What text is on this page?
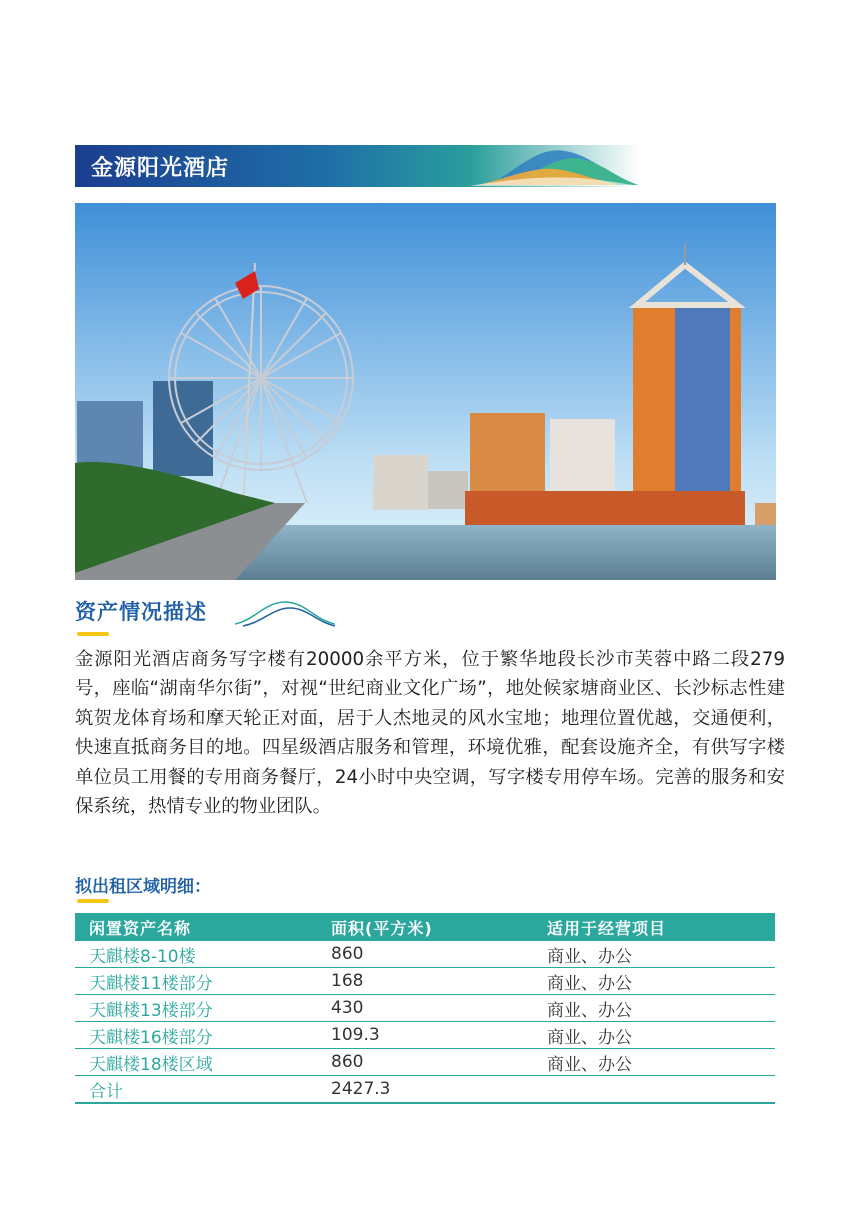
金源阳光酒店
资产情况描述
金源阳光酒店商务写字楼有20000余平方米，位于繁华地段长沙市芙蓉中路二段279号，座临“湖南华尔街”，对视“世纪商业文化广场”，地处候家塘商业区、长沙标志性建筑贺龙体育场和摩天轮正对面，居于人杰地灵的风水宝地；地理位置优越，交通便利，快速直抵商务目的地。四星级酒店服务和管理，环境优雅，配套设施齐全，有供写字楼单位员工用餐的专用商务餐厅，24小时中央空调，写字楼专用停车场。完善的服务和安保系统，热情专业的物业团队。
拟出租区域明细：
闲置资产名称	面积(平方米)	适用于经营项目
天麒楼8-10楼	860	商业、办公
天麒楼11楼部分	168	商业、办公
天麒楼13楼部分	430	商业、办公
天麒楼16楼部分	109.3	商业、办公
天麒楼18楼区域	860	商业、办公
合计	2427.3	
